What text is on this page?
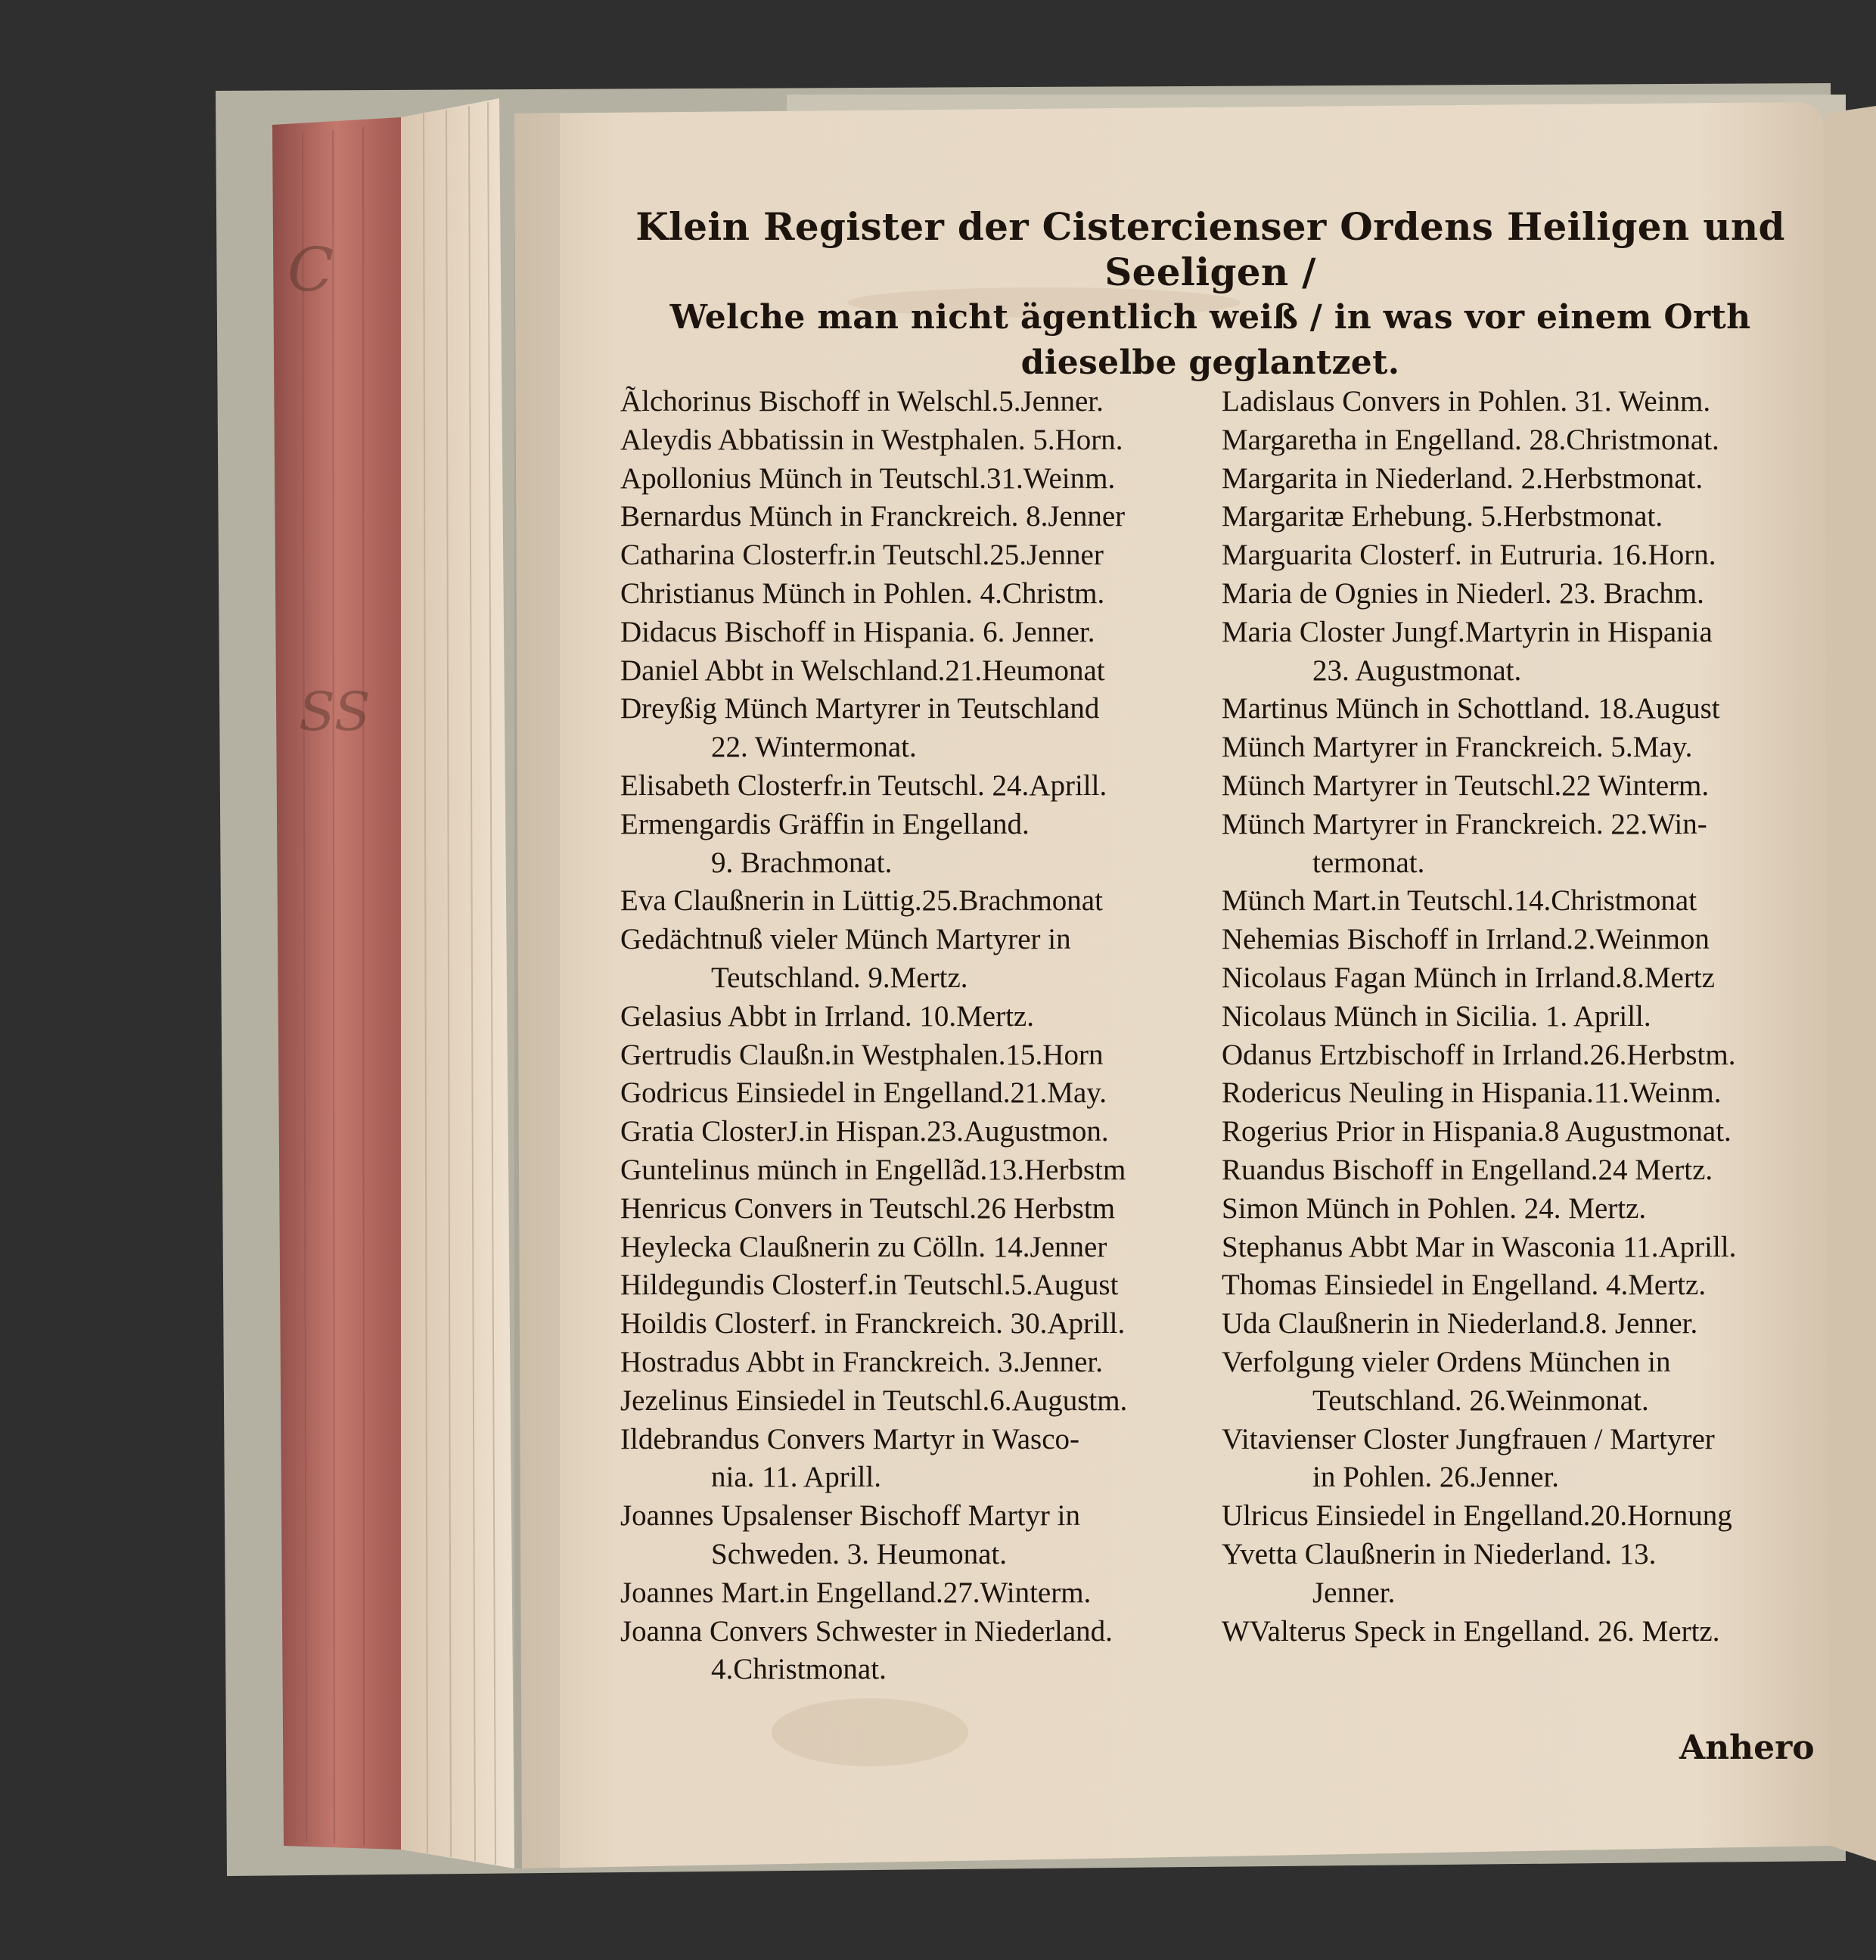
C
SS
Klein Register der Cistercienser Ordens Heiligen und Seeligen /
Welche man nicht ägentlich weiß / in was vor einem Orth
dieselbe geglantzet.
Ãlchorinus Bischoff in Welschl.5.Jenner.
Aleydis Abbatissin in Westphalen. 5.Horn.
Apollonius Münch in Teutschl.31.Weinm.
Bernardus Münch in Franckreich. 8.Jenner
Catharina Closterfr.in Teutschl.25.Jenner
Christianus Münch in Pohlen. 4.Christm.
Didacus Bischoff in Hispania. 6. Jenner.
Daniel Abbt in Welschland.21.Heumonat
Dreyßig Münch Martyrer in Teutschland
22. Wintermonat.
Elisabeth Closterfr.in Teutschl. 24.Aprill.
Ermengardis Gräffin in Engelland.
9. Brachmonat.
Eva Claußnerin in Lüttig.25.Brachmonat
Gedächtnuß vieler Münch Martyrer in
Teutschland. 9.Mertz.
Gelasius Abbt in Irrland. 10.Mertz.
Gertrudis Claußn.in Westphalen.15.Horn
Godricus Einsiedel in Engelland.21.May.
Gratia ClosterJ.in Hispan.23.Augustmon.
Guntelinus münch in Engellãd.13.Herbstm
Henricus Convers in Teutschl.26 Herbstm
Heylecka Claußnerin zu Cölln. 14.Jenner
Hildegundis Closterf.in Teutschl.5.August
Hoildis Closterf. in Franckreich. 30.Aprill.
Hostradus Abbt in Franckreich. 3.Jenner.
Jezelinus Einsiedel in Teutschl.6.Augustm.
Ildebrandus Convers Martyr in Wasco-
nia. 11. Aprill.
Joannes Upsalenser Bischoff Martyr in
Schweden. 3. Heumonat.
Joannes Mart.in Engelland.27.Winterm.
Joanna Convers Schwester in Niederland.
4.Christmonat.
Ladislaus Convers in Pohlen. 31. Weinm.
Margaretha in Engelland. 28.Christmonat.
Margarita in Niederland. 2.Herbstmonat.
Margaritæ Erhebung. 5.Herbstmonat.
Marguarita Closterf. in Eutruria. 16.Horn.
Maria de Ognies in Niederl. 23. Brachm.
Maria Closter Jungf.Martyrin in Hispania
23. Augustmonat.
Martinus Münch in Schottland. 18.August
Münch Martyrer in Franckreich. 5.May.
Münch Martyrer in Teutschl.22 Winterm.
Münch Martyrer in Franckreich. 22.Win-
termonat.
Münch Mart.in Teutschl.14.Christmonat
Nehemias Bischoff in Irrland.2.Weinmon
Nicolaus Fagan Münch in Irrland.8.Mertz
Nicolaus Münch in Sicilia. 1. Aprill.
Odanus Ertzbischoff in Irrland.26.Herbstm.
Rodericus Neuling in Hispania.11.Weinm.
Rogerius Prior in Hispania.8 Augustmonat.
Ruandus Bischoff in Engelland.24 Mertz.
Simon Münch in Pohlen. 24. Mertz.
Stephanus Abbt Mar in Wasconia 11.Aprill.
Thomas Einsiedel in Engelland. 4.Mertz.
Uda Claußnerin in Niederland.8. Jenner.
Verfolgung vieler Ordens München in
Teutschland. 26.Weinmonat.
Vitavienser Closter Jungfrauen / Martyrer
in Pohlen. 26.Jenner.
Ulricus Einsiedel in Engelland.20.Hornung
Yvetta Claußnerin in Niederland. 13.
Jenner.
WValterus Speck in Engelland. 26. Mertz.
Anhero
